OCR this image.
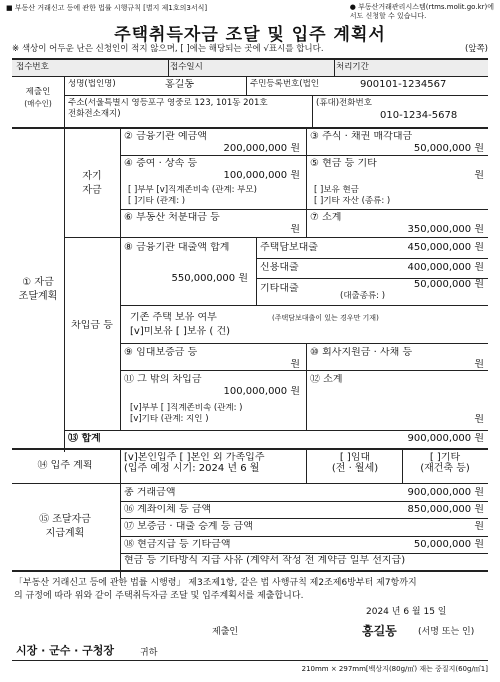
■ 부동산 거래신고 등에 관한 법률 시행규칙 [별지 제1호의3서식]	● 부동산거래관리시스템(rtms.molit.go.kr)에
서도 신청할 수 있습니다.
주택취득자금 조달 및 입주 계획서
※ 색상이 어두운 난은 신청인이 적지 않으며, [ ]에는 해당되는 곳에 √표시를 합니다.	(앞쪽)
접수번호	접수일시	처리기간
제출인
(매수인)
성명(법인명)	홍길동	주민등록번호(법인	900101-1234567
주소(서울특별시 영등포구 영중로 123, 101동 201호
전화전소재지)
(휴대)전화번호
010-1234-5678
① 자금
조달계획
자기
자금
② 금융기관 예금액
200,000,000 원
③ 주식 · 채권 매각대금
50,000,000 원
④ 증여 · 상속 등
100,000,000 원
[ ]부부 [v]직계존비속 (관계: 부모)
[ ]기타 (관계: )
⑤ 현금 등 기타
원
[ ]보유 현금
[ ]기타 자산 (종류: )
⑥ 부동산 처분대금 등
원
⑦ 소계
350,000,000 원
차입금 등
⑧ 금융기관 대출액 합계
550,000,000 원
주택담보대출	450,000,000 원
신용대출	400,000,000 원
기타대출	50,000,000 원
(대출종류: )
기존 주택 보유 여부	(주택담보대출이 있는 경우만 기재)
[v]미보유 [ ]보유 ( 건)
⑨ 임대보증금 등
원
⑩ 회사지원금 · 사채 등
원
⑪ 그 밖의 차입금
100,000,000 원
[v]부부 [ ]직계존비속 (관계: )
[v]기타 (관계: 지인 )
⑫ 소계
원
⑬ 합계	900,000,000 원
⑭ 입주 계획
[v]본인입주 [ ]본인 외 가족입주
(입주 예정 시기: 2024 년 6 월
[ ]임대
(전 · 월세)
[ ]기타
(재건축 등)
⑮ 조달자금
지급계획
총 거래금액	900,000,000 원
⑯ 계좌이체 등 금액	850,000,000 원
⑰ 보증금 · 대출 승계 등 금액	원
⑱ 현금지급 등 기타금액	50,000,000 원
현금 등 기타방식 지급 사유 (계약서 작성 전 계약금 일부 선지급)
「부동산 거래신고 등에 관한 법률 시행령」 제3조제1항, 같은 법 사행규칙 제2조제6방부터 제7항까지
의 규정에 따라 위와 같이 주택취득자금 조달 및 입주계획서를 제출합니다.
2024 년 6 월 15 일
제출인	홍길동 (서명 또는 인)
시장 · 군수 · 구청장	귀하
210mm × 297mm[백상지(80g/㎡) 재는 중질지(60g/㎡1]
